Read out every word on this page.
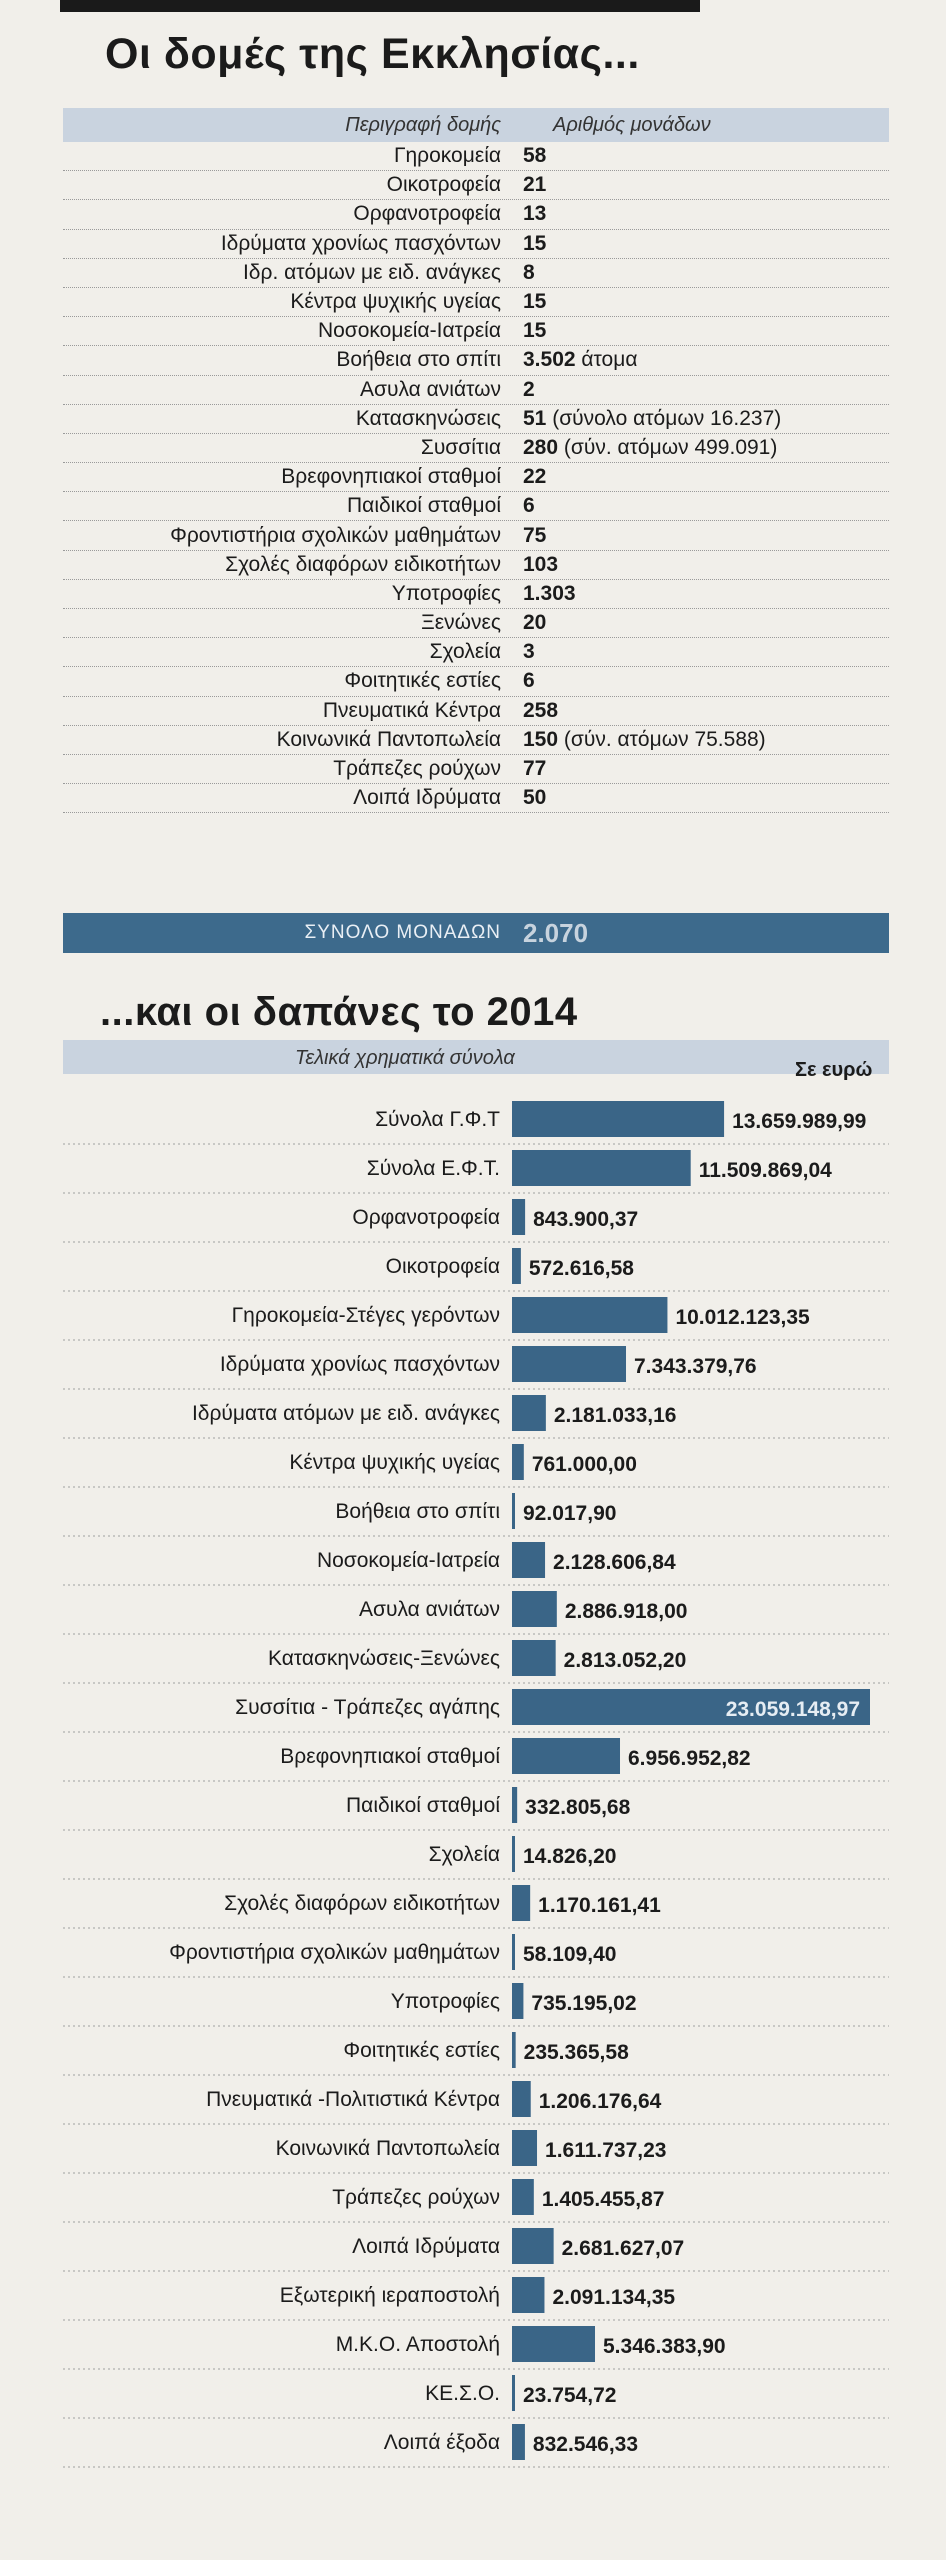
Οι δομές της Εκκλησίας...
Περιγραφή δομής	Αριθμός μονάδων
Γηροκομεία	58
Οικοτροφεία	21
Ορφανοτροφεία	13
Ιδρύματα χρονίως πασχόντων	15
Ιδρ. ατόμων με ειδ. ανάγκες	8
Κέντρα ψυχικής υγείας	15
Νοσοκομεία-Ιατρεία	15
Βοήθεια στο σπίτι	3.502 άτομα
Ασυλα ανιάτων	2
Κατασκηνώσεις	51 (σύνολο ατόμων 16.237)
Συσσίτια	280 (σύν. ατόμων 499.091)
Βρεφονηπιακοί σταθμοί	22
Παιδικοί σταθμοί	6
Φροντιστήρια σχολικών μαθημάτων	75
Σχολές διαφόρων ειδικοτήτων	103
Υποτροφίες	1.303
Ξενώνες	20
Σχολεία	3
Φοιτητικές εστίες	6
Πνευματικά Κέντρα	258
Κοινωνικά Παντοπωλεία	150 (σύν. ατόμων 75.588)
Τράπεζες ρούχων	77
Λοιπά Ιδρύματα	50
ΣΥΝΟΛΟ ΜΟΝΑΔΩΝ 2.070
...και οι δαπάνες το 2014
Τελικά χρηματικά σύνολα
Σε ευρώ
Σύνολα Γ.Φ.Τ	13.659.989,99
Σύνολα Ε.Φ.Τ.	11.509.869,04
Ορφανοτροφεία 843.900,37
Οικοτροφεία 572.616,58
Γηροκομεία-Στέγες γερόντων	10.012.123,35
Ιδρύματα χρονίως πασχόντων	7.343.379,76
Ιδρύματα ατόμων με ειδ. ανάγκες	2.181.033,16
Κέντρα ψυχικής υγείας 761.000,00
Βοήθεια στο σπίτι 92.017,90
Νοσοκομεία-Ιατρεία	2.128.606,84
Ασυλα ανιάτων	2.886.918,00
Κατασκηνώσεις-Ξενώνες	2.813.052,20
Συσσίτια - Τράπεζες αγάπης	23.059.148,97
Βρεφονηπιακοί σταθμοί	6.956.952,82
Παιδικοί σταθμοί 332.805,68
Σχολεία 14.826,20
Σχολές διαφόρων ειδικοτήτων 1.170.161,41
Φροντιστήρια σχολικών μαθημάτων 58.109,40
Υποτροφίες 735.195,02
Φοιτητικές εστίες 235.365,58
Πνευματικά -Πολιτιστικά Κέντρα 1.206.176,64
Κοινωνικά Παντοπωλεία 1.611.737,23
Τράπεζες ρούχων 1.405.455,87
Λοιπά Ιδρύματα	2.681.627,07
Εξωτερική ιεραποστολή 2.091.134,35
Μ.Κ.Ο. Αποστολή	5.346.383,90
ΚΕ.Σ.Ο. 23.754,72
Λοιπά έξοδα 832.546,33
